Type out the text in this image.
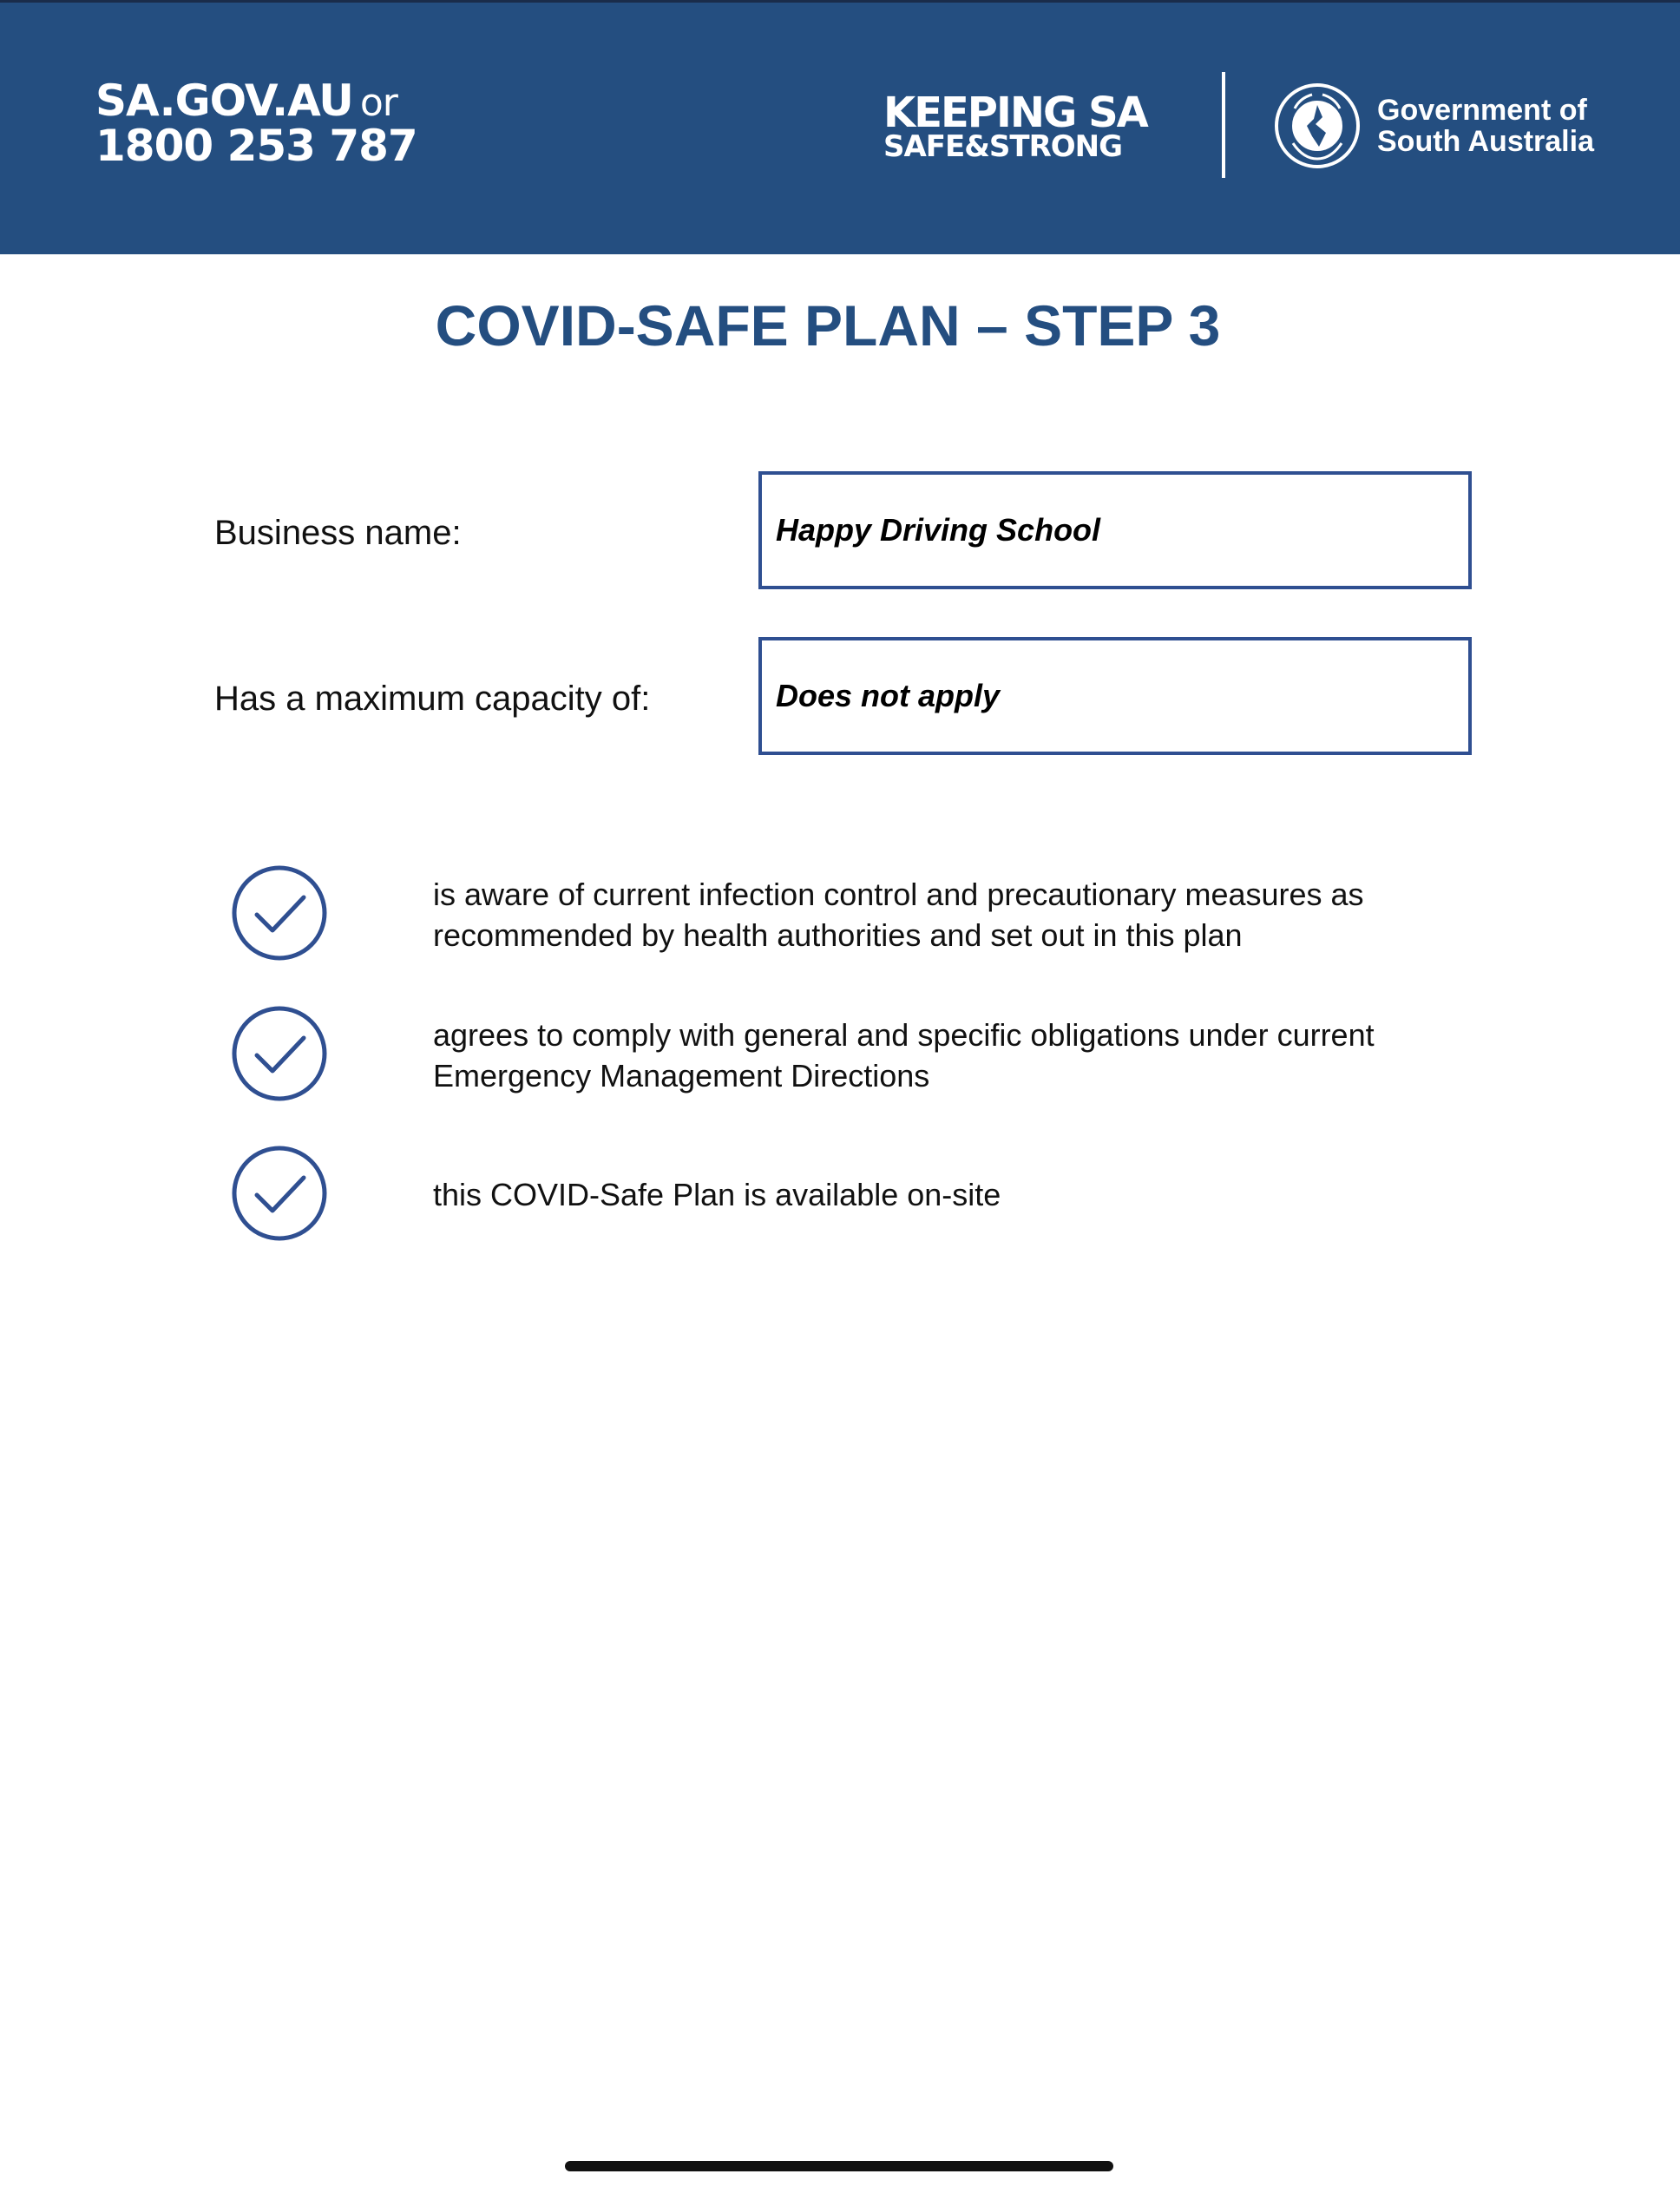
SA.GOV.AU or
1800 253 787
KEEPING SA
SAFE&STRONG
Government of
South Australia
COVID-SAFE PLAN – STEP 3
Business name:	Happy Driving School
Has a maximum capacity of:	Does not apply
is aware of current infection control and precautionary measures as recommended by health authorities and set out in this plan
agrees to comply with general and specific obligations under current Emergency Management Directions
this COVID-Safe Plan is available on-site
